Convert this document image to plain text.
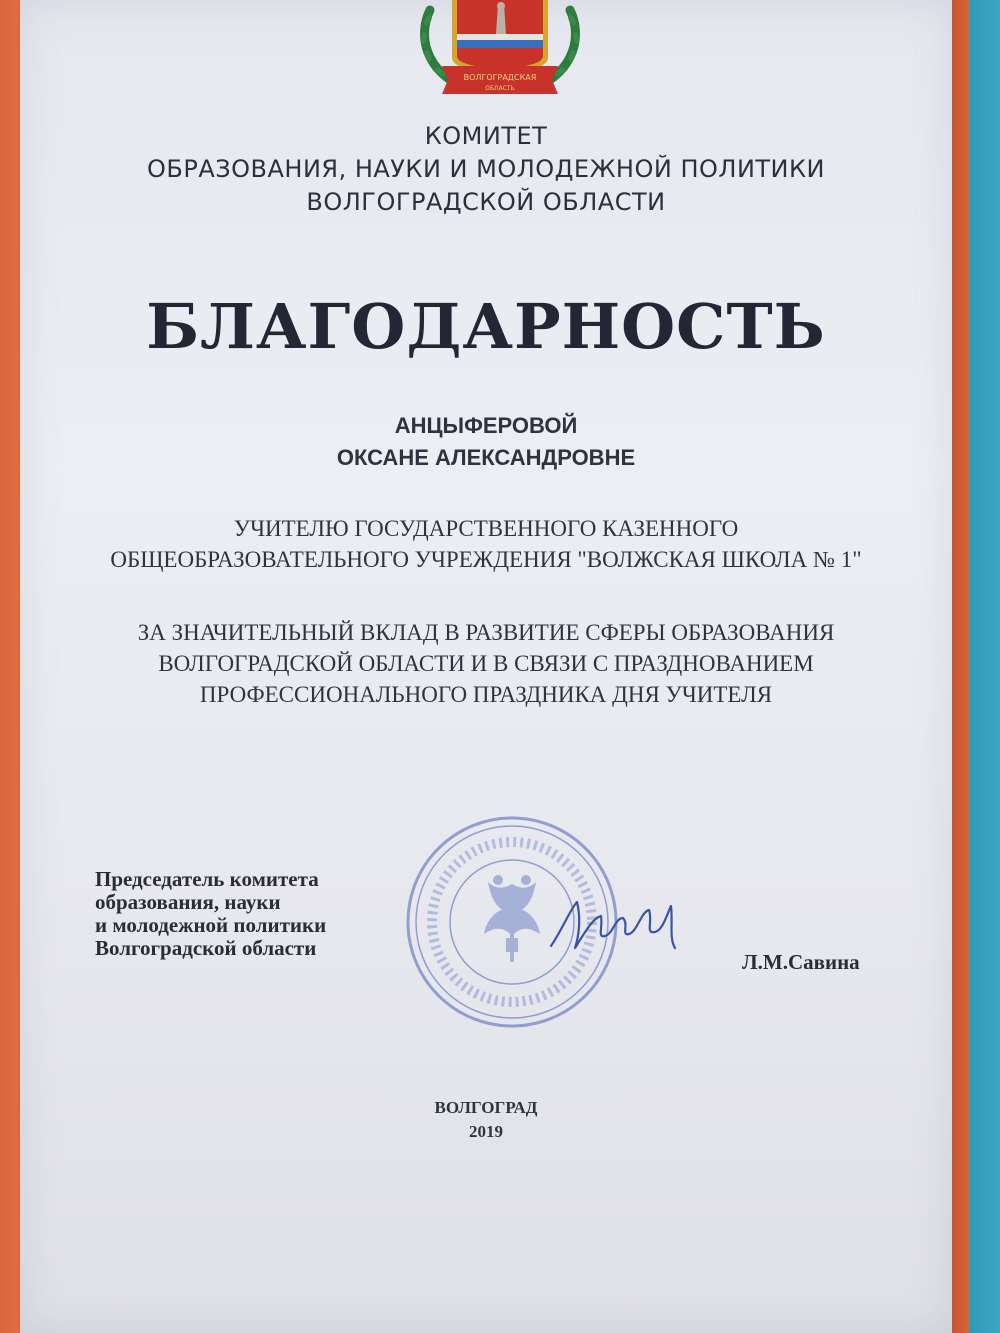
ВОЛГОГРАДСКАЯ
ОБЛАСТЬ
КОМИТЕТ
ОБРАЗОВАНИЯ, НАУКИ И МОЛОДЕЖНОЙ ПОЛИТИКИ
ВОЛГОГРАДСКОЙ ОБЛАСТИ
БЛАГОДАРНОСТЬ
АНЦЫФЕРОВОЙ
ОКСАНЕ АЛЕКСАНДРОВНЕ
УЧИТЕЛЮ ГОСУДАРСТВЕННОГО КАЗЕННОГО
ОБЩЕОБРАЗОВАТЕЛЬНОГО УЧРЕЖДЕНИЯ "ВОЛЖСКАЯ ШКОЛА № 1"
ЗА ЗНАЧИТЕЛЬНЫЙ ВКЛАД В РАЗВИТИЕ СФЕРЫ ОБРАЗОВАНИЯ
ВОЛГОГРАДСКОЙ ОБЛАСТИ И В СВЯЗИ С ПРАЗДНОВАНИЕМ
ПРОФЕССИОНАЛЬНОГО ПРАЗДНИКА ДНЯ УЧИТЕЛЯ
Председатель комитета
образования, науки
и молодежной политики
Волгоградской области
Л.М.Савина
ВОЛГОГРАД
2019
